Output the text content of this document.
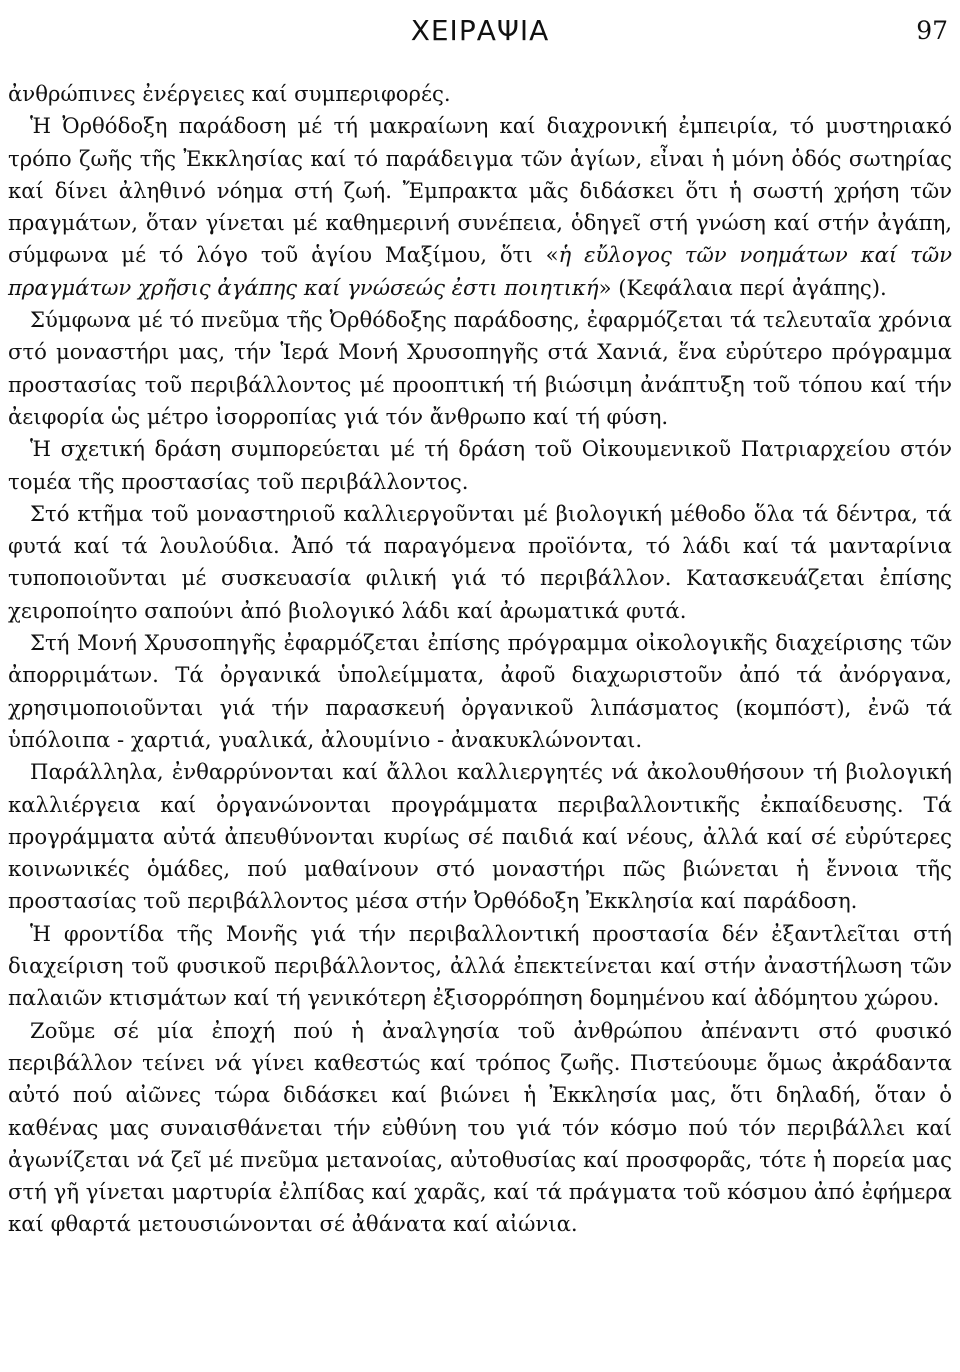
ΧΕΙΡΑΨΙΑ	97

ἀνθρώπινες ἐνέργειες καί συμπεριφορές.

Ἡ Ὀρθόδοξη παράδοση μέ τή μακραίωνη καί διαχρονική ἐμπειρία, τό μυστηριακό τρόπο ζωῆς τῆς Ἐκκλησίας καί τό παράδειγμα τῶν ἁγίων, εἶναι ἡ μόνη ὁδός σωτηρίας καί δίνει ἀληθινό νόημα στή ζωή. Ἔμπρακτα μᾶς διδάσκει ὅτι ἡ σωστή χρήση τῶν πραγμάτων, ὅταν γίνεται μέ καθημερινή συνέπεια, ὁδηγεῖ στή γνώση καί στήν ἀγάπη, σύμφωνα μέ τό λόγο τοῦ ἁγίου Μαξίμου, ὅτι «ἡ εὔλογος τῶν νοημάτων καί τῶν πραγμάτων χρῆσις ἀγάπης καί γνώσεώς ἐστι ποιητική» (Κεφάλαια περί ἀγάπης).

Σύμφωνα μέ τό πνεῦμα τῆς Ὀρθόδοξης παράδοσης, ἐφαρμόζεται τά τελευταῖα χρόνια στό μοναστήρι μας, τήν Ἱερά Μονή Χρυσοπηγῆς στά Χανιά, ἕνα εὐρύτερο πρόγραμμα προστασίας τοῦ περιβάλλοντος μέ προοπτική τή βιώσιμη ἀνάπτυξη τοῦ τόπου καί τήν ἀειφορία ὡς μέτρο ἰσορροπίας γιά τόν ἄνθρωπο καί τή φύση.

Ἡ σχετική δράση συμπορεύεται μέ τή δράση τοῦ Οἰκουμενικοῦ Πατριαρχείου στόν τομέα τῆς προστασίας τοῦ περιβάλλοντος.

Στό κτῆμα τοῦ μοναστηριοῦ καλλιεργοῦνται μέ βιολογική μέθοδο ὅλα τά δέντρα, τά φυτά καί τά λουλούδια. Ἀπό τά παραγόμενα προϊόντα, τό λάδι καί τά μανταρίνια τυποποιοῦνται μέ συσκευασία φιλική γιά τό περιβάλλον. Κατασκευάζεται ἐπίσης χειροποίητο σαπούνι ἀπό βιολογικό λάδι καί ἀρωματικά φυτά.

Στή Μονή Χρυσοπηγῆς ἐφαρμόζεται ἐπίσης πρόγραμμα οἰκολογικῆς διαχείρισης τῶν ἀπορριμάτων. Τά ὀργανικά ὑπολείμματα, ἀφοῦ διαχωριστοῦν ἀπό τά ἀνόργανα, χρησιμοποιοῦνται γιά τήν παρασκευή ὀργανικοῦ λιπάσματος (κομπόστ), ἐνῶ τά ὑπόλοιπα - χαρτιά, γυαλικά, ἀλουμίνιο - ἀνακυκλώνονται.

Παράλληλα, ἐνθαρρύνονται καί ἄλλοι καλλιεργητές νά ἀκολουθήσουν τή βιολογική καλλιέργεια καί ὀργανώνονται προγράμματα περιβαλλοντικῆς ἐκπαίδευσης. Τά προγράμματα αὐτά ἀπευθύνονται κυρίως σέ παιδιά καί νέους, ἀλλά καί σέ εὐρύτερες κοινωνικές ὁμάδες, πού μαθαίνουν στό μοναστήρι πῶς βιώνεται ἡ ἔννοια τῆς προστασίας τοῦ περιβάλλοντος μέσα στήν Ὀρθόδοξη Ἐκκλησία καί παράδοση.

Ἡ φροντίδα τῆς Μονῆς γιά τήν περιβαλλοντική προστασία δέν ἐξαντλεῖται στή διαχείριση τοῦ φυσικοῦ περιβάλλοντος, ἀλλά ἐπεκτείνεται καί στήν ἀναστήλωση τῶν παλαιῶν κτισμάτων καί τή γενικότερη ἐξισορρόπηση δομημένου καί ἀδόμητου χώρου.

Ζοῦμε σέ μία ἐποχή πού ἡ ἀναλγησία τοῦ ἀνθρώπου ἀπέναντι στό φυσικό περιβάλλον τείνει νά γίνει καθεστώς καί τρόπος ζωῆς. Πιστεύουμε ὅμως ἀκράδαντα αὐτό πού αἰῶνες τώρα διδάσκει καί βιώνει ἡ Ἐκκλησία μας, ὅτι δηλαδή, ὅταν ὁ καθένας μας συναισθάνεται τήν εὐθύνη του γιά τόν κόσμο πού τόν περιβάλλει καί ἀγωνίζεται νά ζεῖ μέ πνεῦμα μετανοίας, αὐτοθυσίας καί προσφορᾶς, τότε ἡ πορεία μας στή γῆ γίνεται μαρτυρία ἐλπίδας καί χαρᾶς, καί τά πράγματα τοῦ κόσμου ἀπό ἐφήμερα καί φθαρτά μετουσιώνονται σέ ἀθάνατα καί αἰώνια.
